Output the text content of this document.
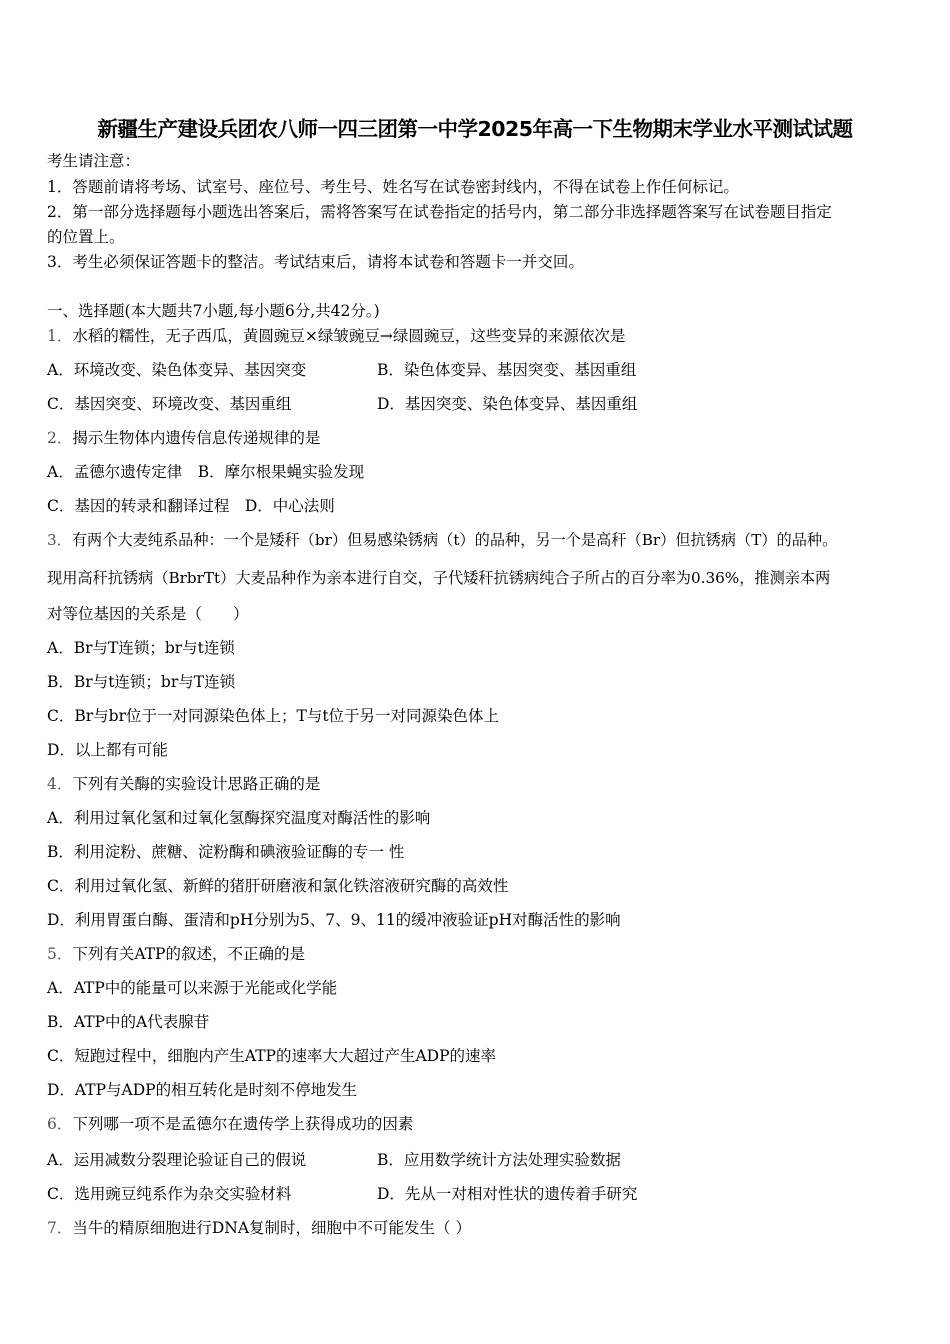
新疆生产建设兵团农八师一四三团第一中学2025年高一下生物期末学业水平测试试题
考生请注意：
1．答题前请将考场、试室号、座位号、考生号、姓名写在试卷密封线内，不得在试卷上作任何标记。
2．第一部分选择题每小题选出答案后，需将答案写在试卷指定的括号内，第二部分非选择题答案写在试卷题目指定
的位置上。
3．考生必须保证答题卡的整洁。考试结束后，请将本试卷和答题卡一并交回。
一、选择题(本大题共7小题,每小题6分,共42分。)
1．水稻的糯性，无子西瓜，黄圆豌豆×绿皱豌豆→绿圆豌豆，这些变异的来源依次是
A．环境改变、染色体变异、基因突变	B．染色体变异、基因突变、基因重组
C．基因突变、环境改变、基因重组	D．基因突变、染色体变异、基因重组
2．揭示生物体内遗传信息传递规律的是
A．孟德尔遗传定律　B．摩尔根果蝇实验发现
C．基因的转录和翻译过程　D．中心法则
3．有两个大麦纯系品种：一个是矮秆（br）但易感染锈病（t）的品种，另一个是高秆（Br）但抗锈病（T）的品种。
现用高秆抗锈病（BrbrTt）大麦品种作为亲本进行自交，子代矮秆抗锈病纯合子所占的百分率为0.36%，推测亲本两
对等位基因的关系是（　　）
A．Br与T连锁；br与t连锁
B．Br与t连锁；br与T连锁
C．Br与br位于一对同源染色体上；T与t位于另一对同源染色体上
D．以上都有可能
4．下列有关酶的实验设计思路正确的是
A．利用过氧化氢和过氧化氢酶探究温度对酶活性的影响
B．利用淀粉、蔗糖、淀粉酶和碘液验证酶的专一 性
C．利用过氧化氢、新鲜的猪肝研磨液和氯化铁溶液研究酶的高效性
D．利用胃蛋白酶、蛋清和pH分别为5、7、9、11的缓冲液验证pH对酶活性的影响
5．下列有关ATP的叙述，不正确的是
A．ATP中的能量可以来源于光能或化学能
B．ATP中的A代表腺苷
C．短跑过程中，细胞内产生ATP的速率大大超过产生ADP的速率
D．ATP与ADP的相互转化是时刻不停地发生
6．下列哪一项不是孟德尔在遗传学上获得成功的因素
A．运用减数分裂理论验证自己的假说	B．应用数学统计方法处理实验数据
C．选用豌豆纯系作为杂交实验材料	D．先从一对相对性状的遗传着手研究
7．当牛的精原细胞进行DNA复制时，细胞中不可能发生（ ）
